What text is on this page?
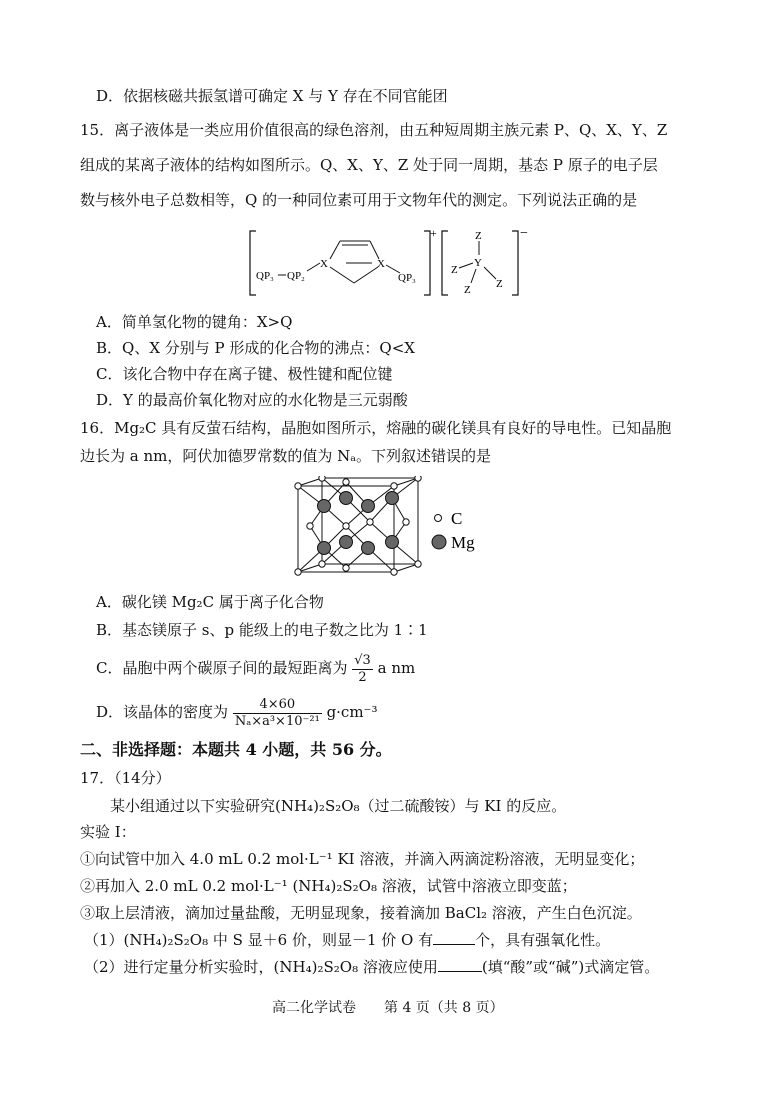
D．依据核磁共振氢谱可确定 X 与 Y 存在不同官能团
15．离子液体是一类应用价值很高的绿色溶剂，由五种短周期主族元素 P、Q、X、Y、Z
组成的某离子液体的结构如图所示。Q、X、Y、Z 处于同一周期，基态 P 原子的电子层
数与核外电子总数相等，Q 的一种同位素可用于文物年代的测定。下列说法正确的是
QP₃ QP₂
X	X
QP₃
+	Z
Y
Z
Z Z
−
A．简单氢化物的键角：X>Q
B．Q、X 分别与 P 形成的化合物的沸点：Q<X
C．该化合物中存在离子键、极性键和配位键
D．Y 的最高价氧化物对应的水化物是三元弱酸
16．Mg₂C 具有反萤石结构，晶胞如图所示，熔融的碳化镁具有良好的导电性。已知晶胞
边长为 a nm，阿伏加德罗常数的值为 Nₐ。下列叙述错误的是
C
Mg
A．碳化镁 Mg₂C 属于离子化合物
B．基态镁原子 s、p 能级上的电子数之比为 1∶1
C．晶胞中两个碳原子间的最短距离为 $\frac{√3}{2}$ a nm
D．该晶体的密度为 $\frac{4\times 60}{\text{Nₐ×a³×10⁻²¹}} g\cdot cm^{-3}$
二、非选择题：本题共 4 小题，共 56 分。
17．（14分）
某小组通过以下实验研究(NH₄)₂S₂O₈（过二硫酸铵）与 KI 的反应。
实验 I：
①向试管中加入 4.0 mL 0.2 mol·L⁻¹ KI 溶液，并滴入两滴淀粉溶液，无明显变化；
②再加入 2.0 mL 0.2 mol·L⁻¹ (NH₄)₂S₂O₈ 溶液，试管中溶液立即变蓝；
③取上层清液，滴加过量盐酸，无明显现象，接着滴加 BaCl₂ 溶液，产生白色沉淀。
（1）(NH₄)₂S₂O₈ 中 S 显＋6 价，则显－1 价 O 有	个，具有强氧化性。
（2）进行定量分析实验时，(NH₄)₂S₂O₈ 溶液应使用	(填“酸”或“碱”)式滴定管。
高二化学试卷　　第 4 页（共 8 页）
